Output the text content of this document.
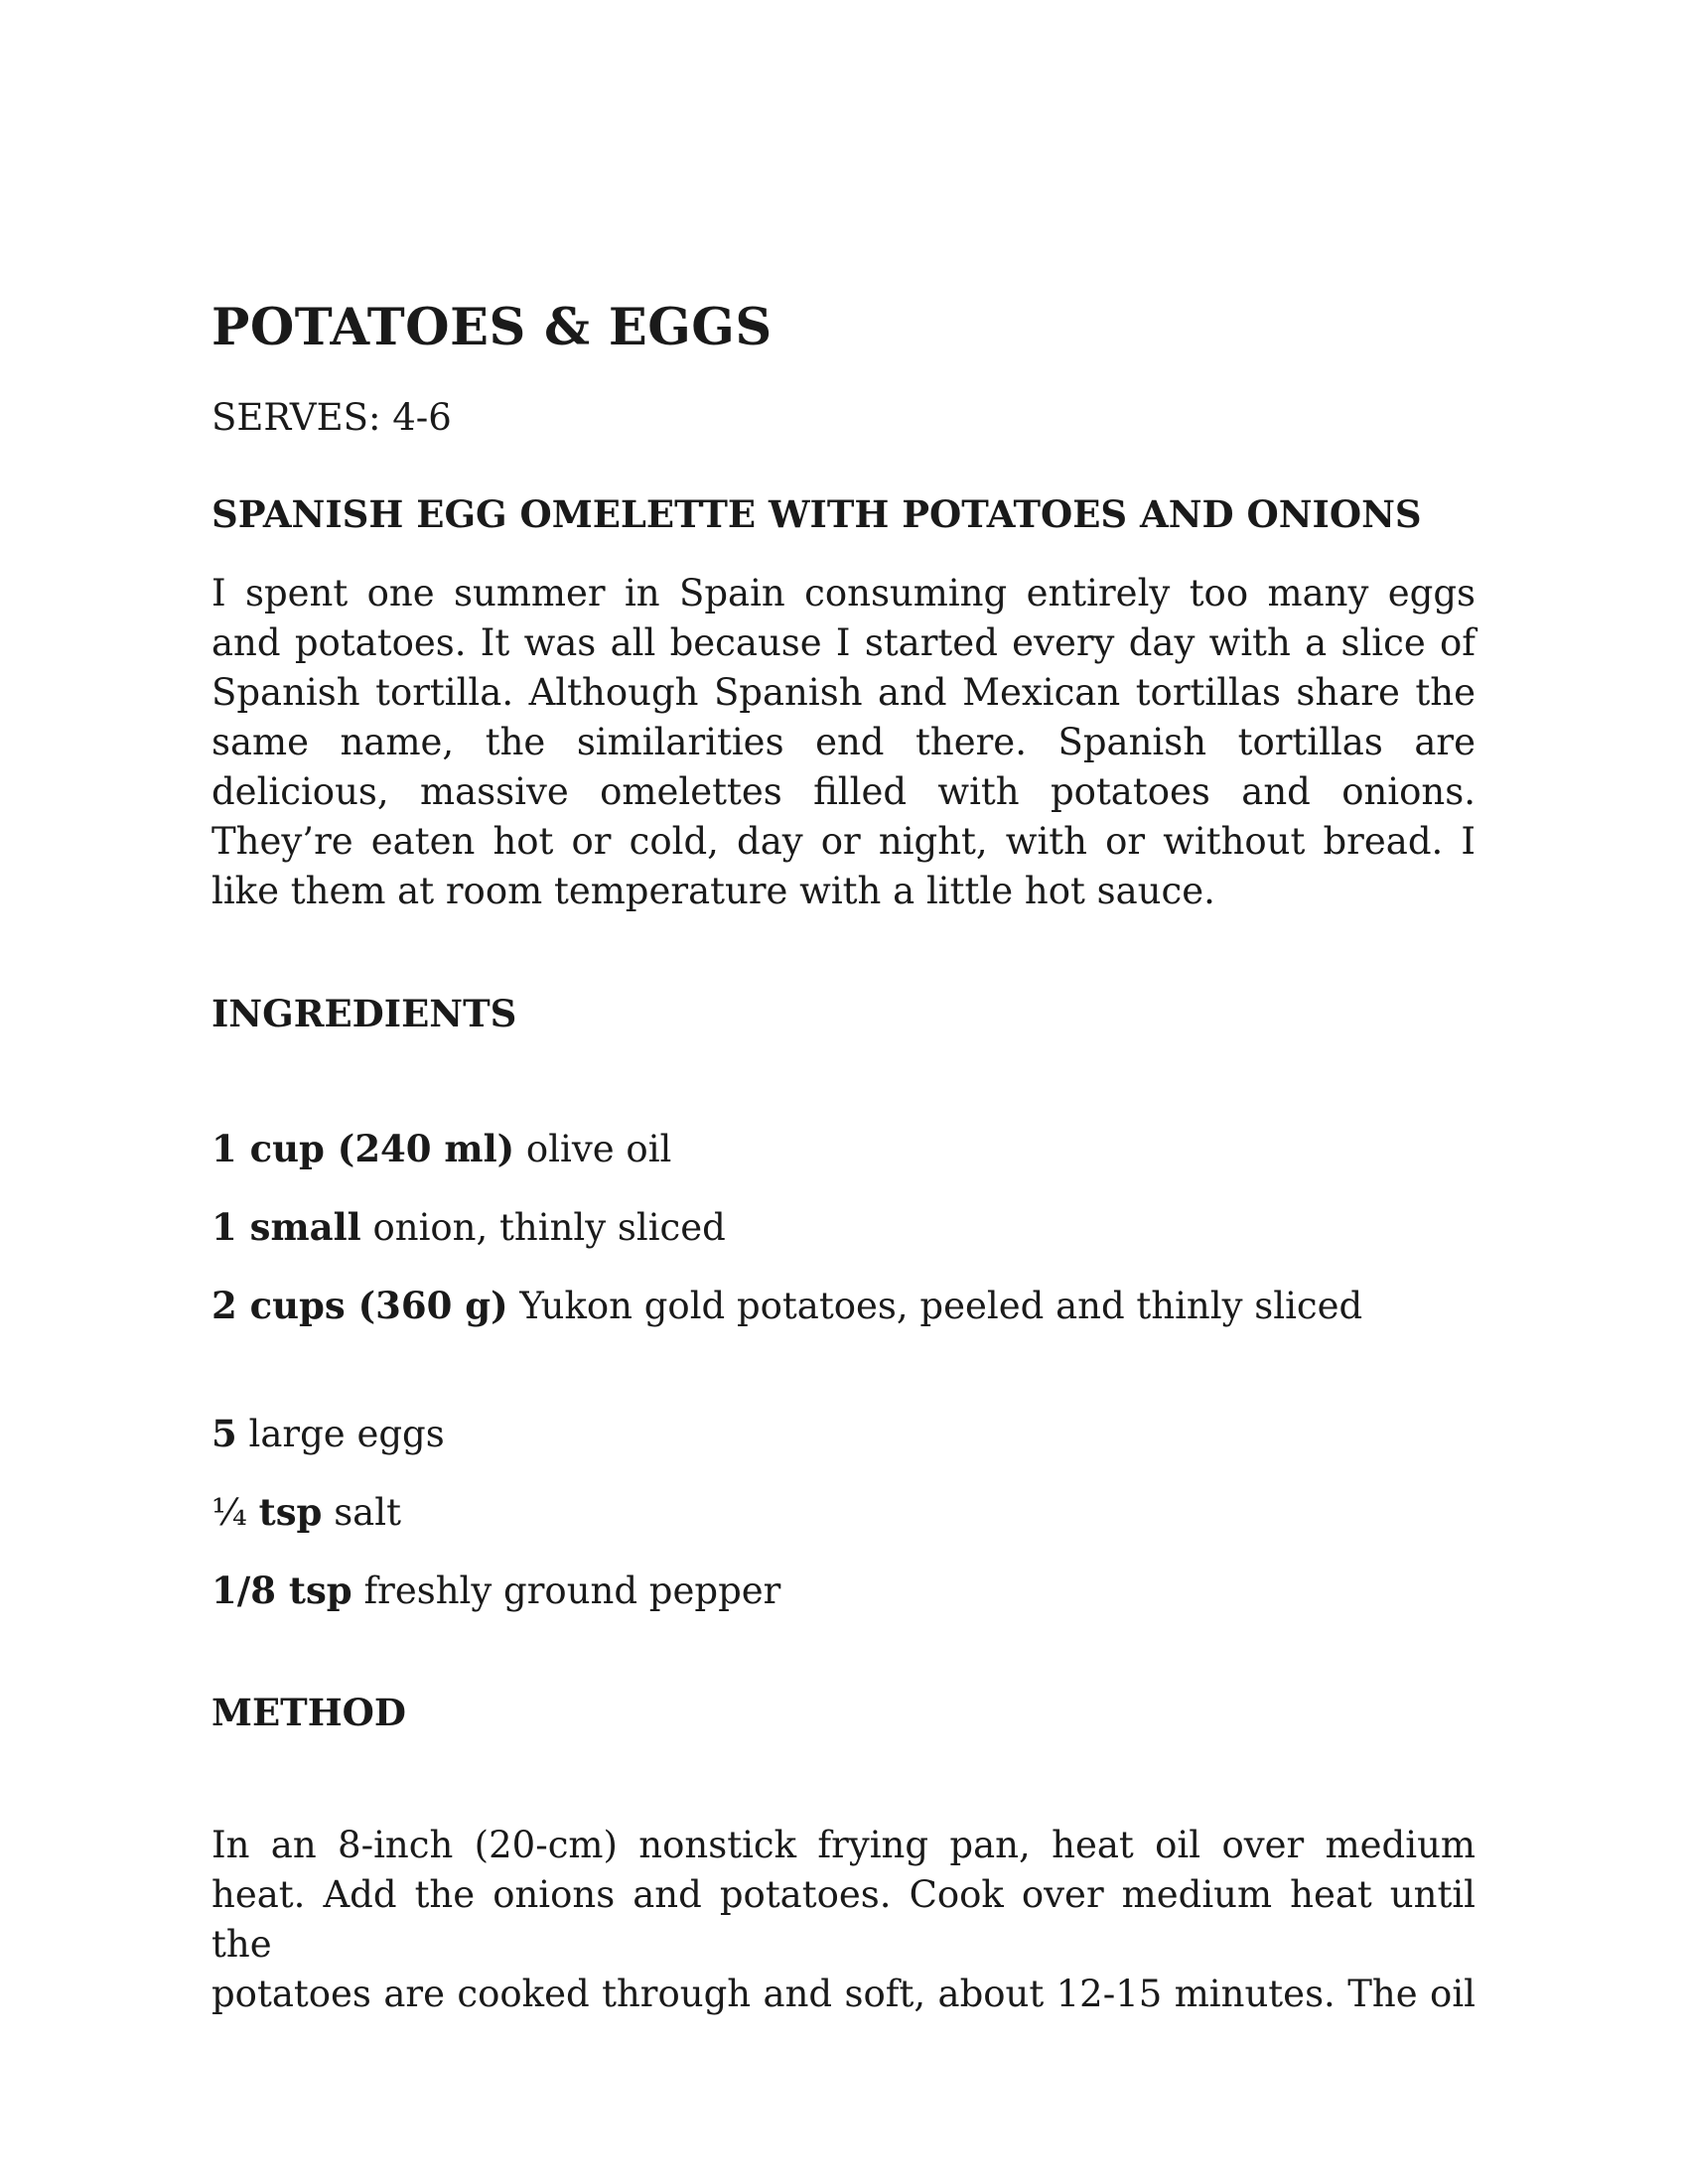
POTATOES & EGGS
SERVES: 4-6
SPANISH EGG OMELETTE WITH POTATOES AND ONIONS

I spent one summer in Spain consuming entirely too many eggs and potatoes. It was all because I started every day with a slice of Spanish tortilla. Although Spanish and Mexican tortillas share the same name, the similarities end there. Spanish tortillas are delicious, massive omelettes filled with potatoes and onions. They’re eaten hot or cold, day or night, with or without bread. I like them at room temperature with a little hot sauce.

INGREDIENTS
1 cup (240 ml) olive oil
1 small onion, thinly sliced
2 cups (360 g) Yukon gold potatoes, peeled and thinly sliced
5 large eggs
¼ tsp salt
1/8 tsp freshly ground pepper
METHOD
In an 8-inch (20-cm) nonstick frying pan, heat oil over medium
heat. Add the onions and potatoes. Cook over medium heat until the
potatoes are cooked through and soft, about 12-15 minutes. The oil
